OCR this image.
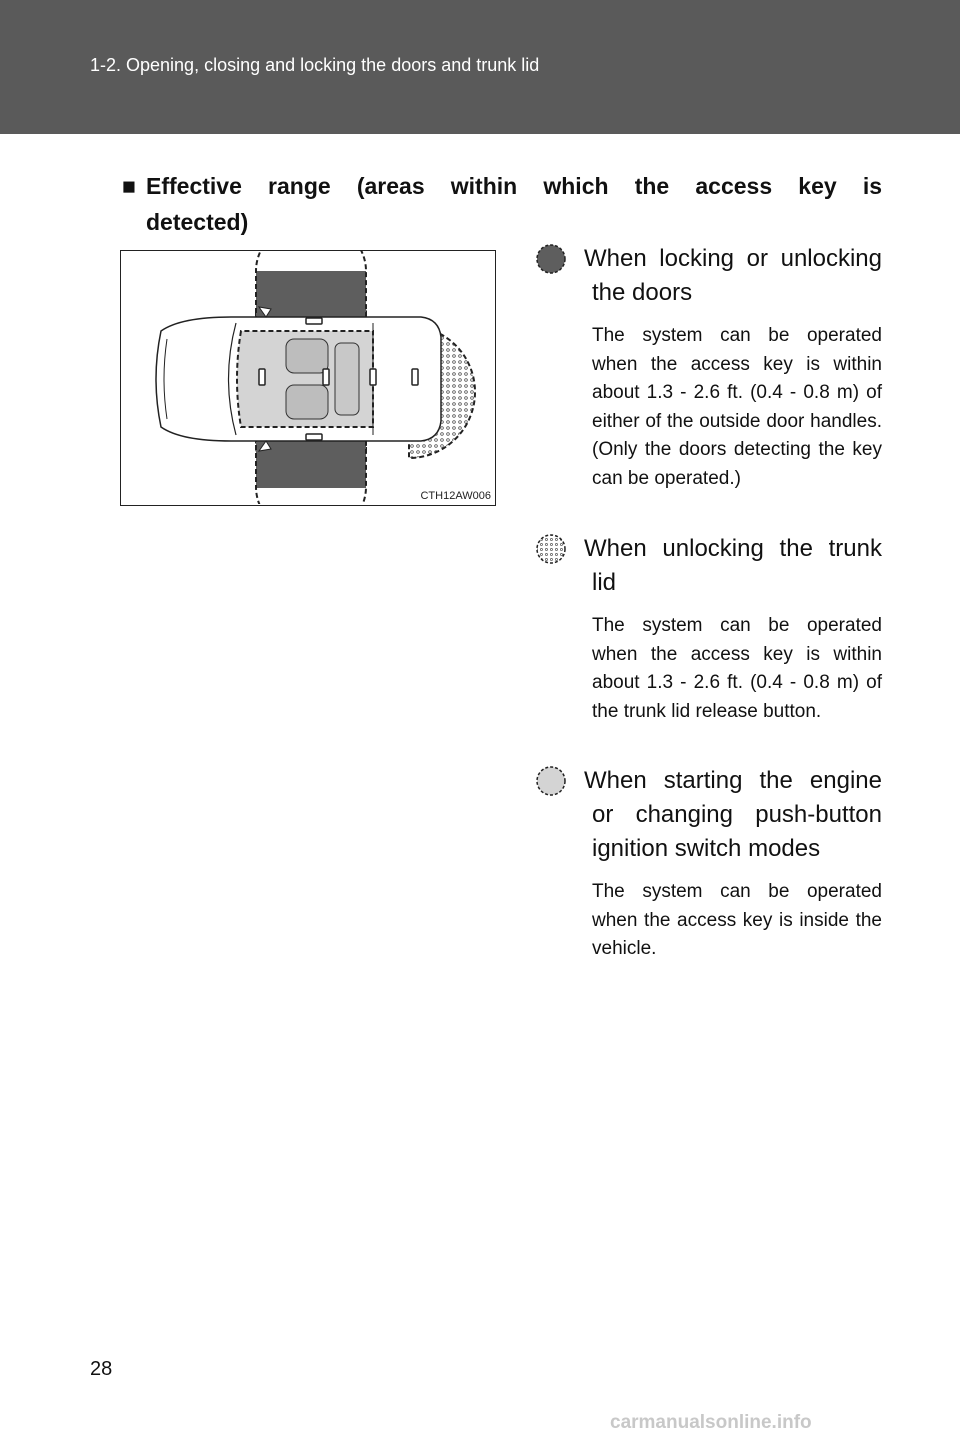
1-2. Opening, closing and locking the doors and trunk lid
■ Effective range (areas within which the access key is
detected)
CTH12AW006
When locking or unlocking
the doors
The system can be operated when the access key is within about 1.3 - 2.6 ft. (0.4 - 0.8 m) of either of the outside door handles. (Only the doors detecting the key can be operated.)
When unlocking the trunk
lid
The system can be operated when the access key is within about 1.3 - 2.6 ft. (0.4 - 0.8 m) of the trunk lid release button.
When starting the engine
or changing push-button
ignition switch modes
The system can be operated when the access key is inside the vehicle.
28
carmanualsonline.info
